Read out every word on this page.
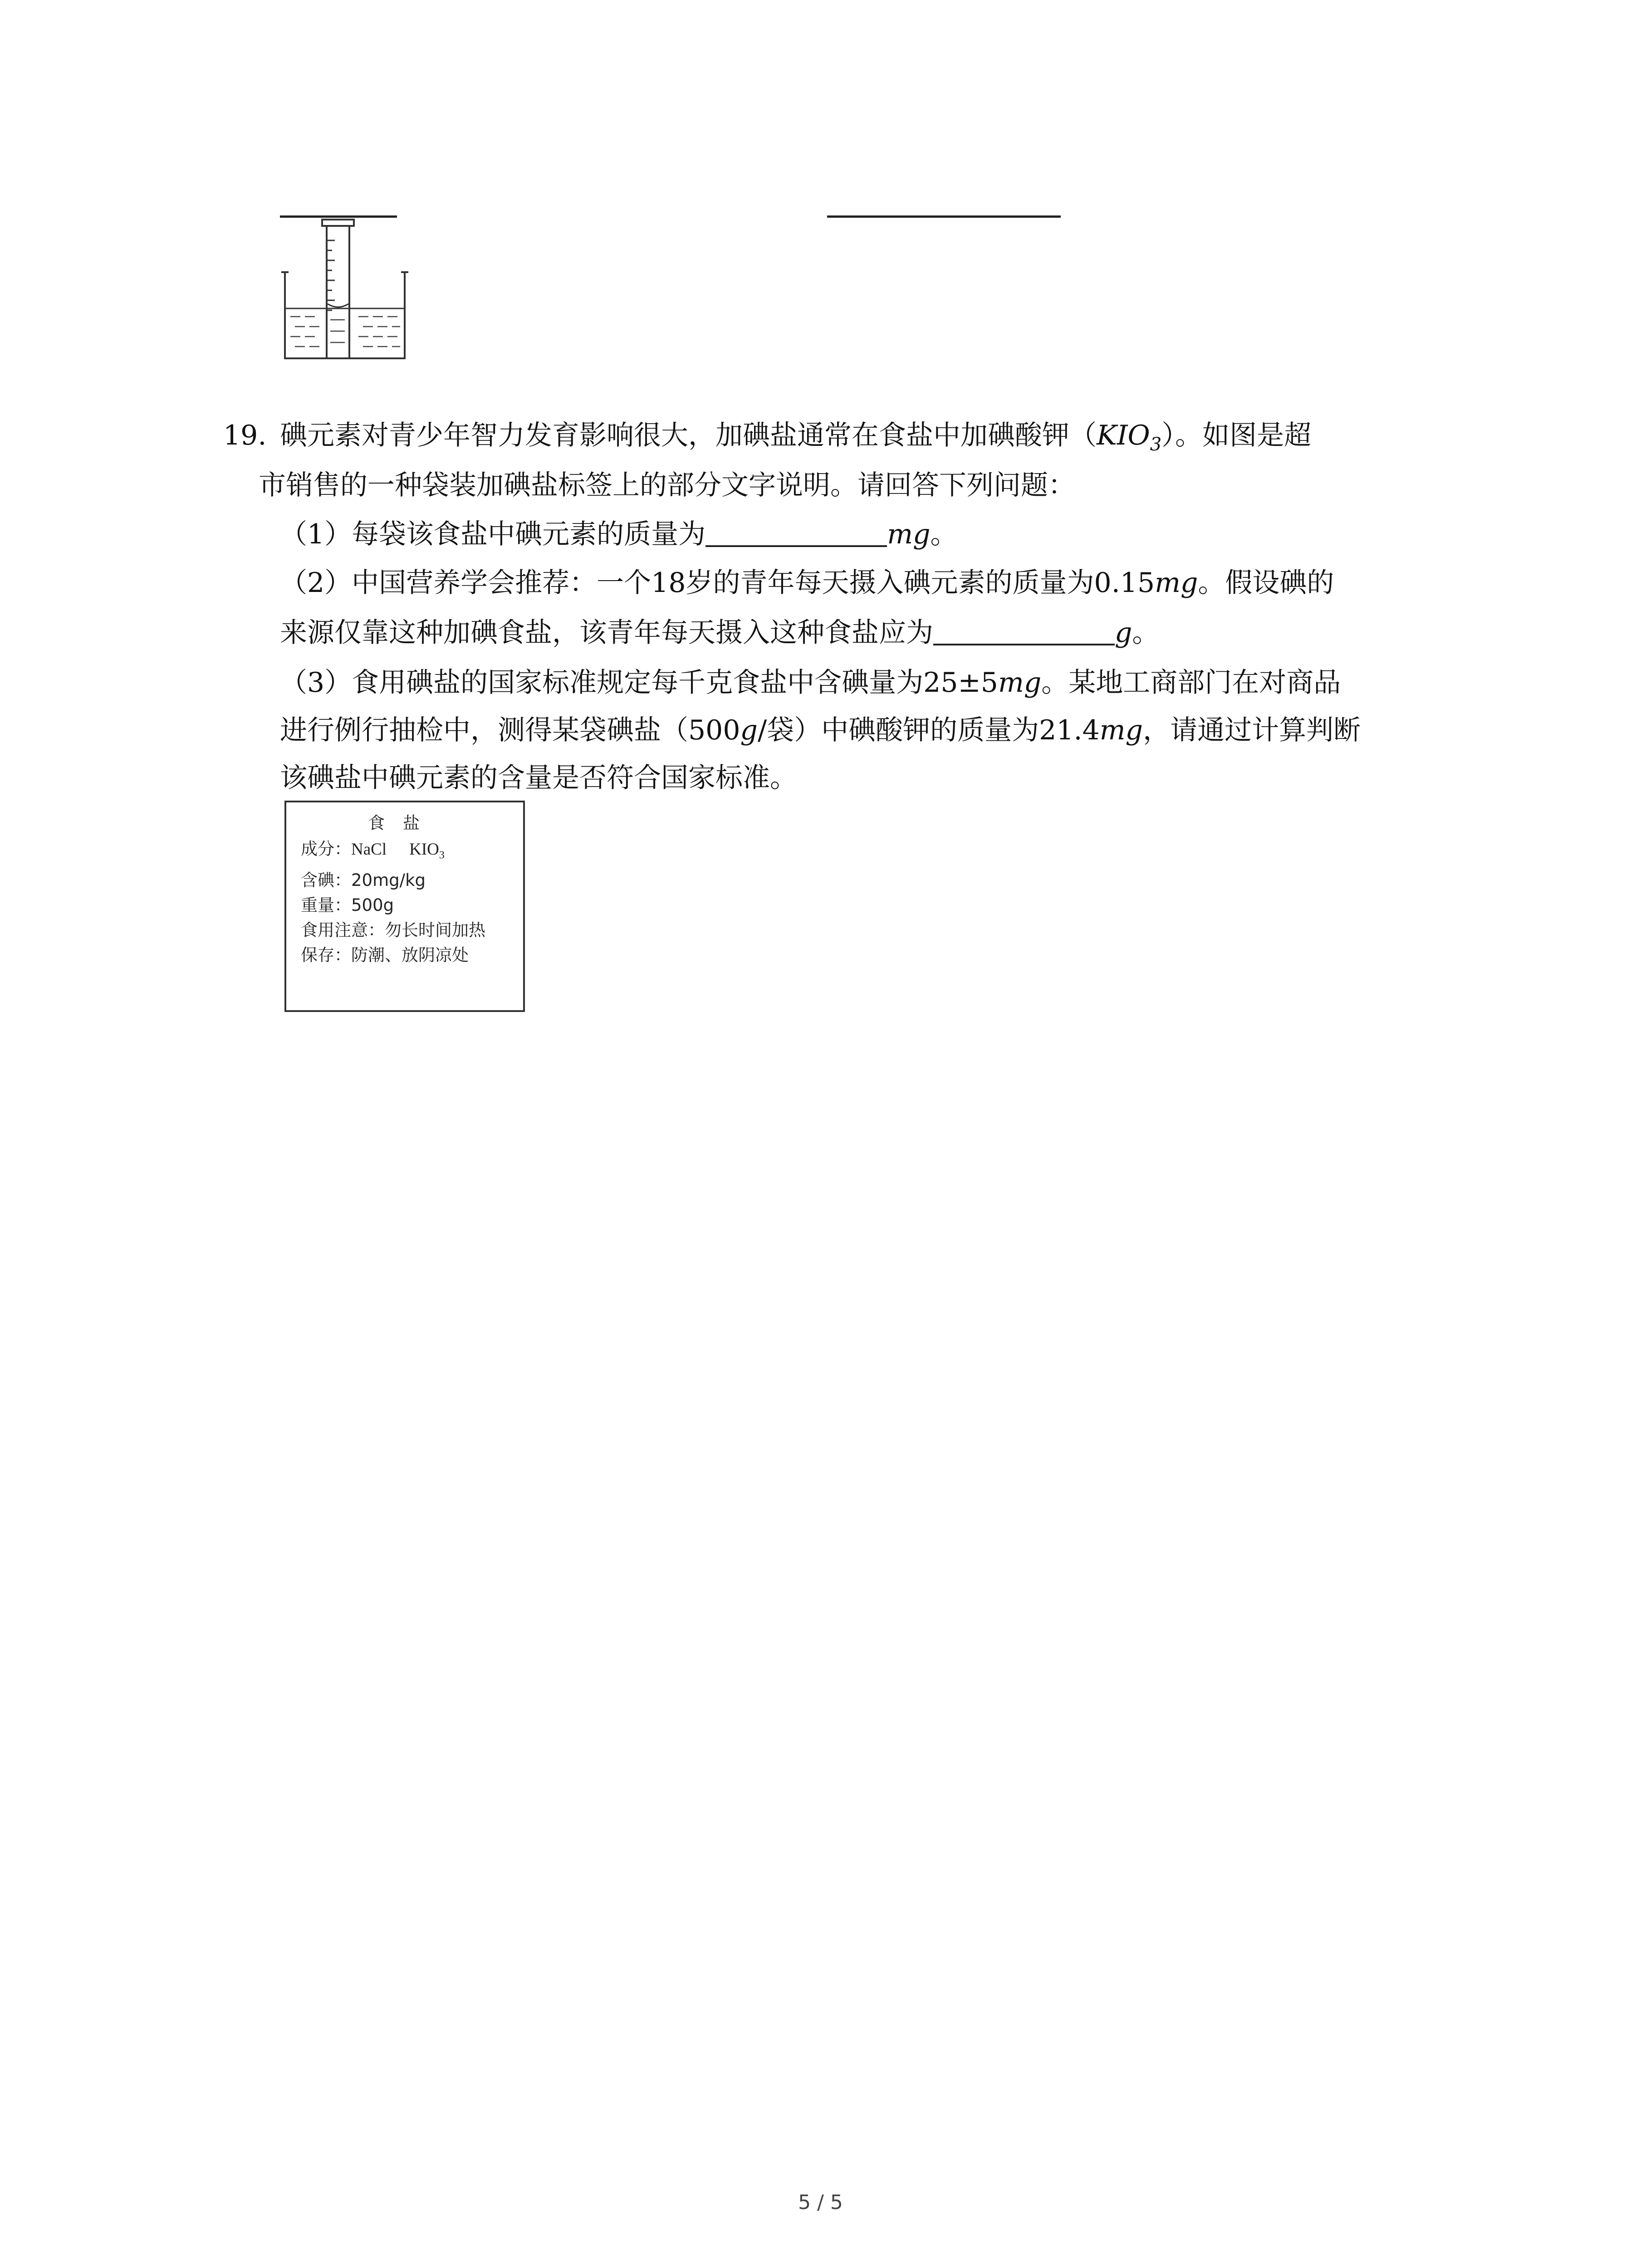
19. 碘元素对青少年智力发育影响很大，加碘盐通常在食盐中加碘酸钾$(KIO_3)$。如图是超
市销售的一种袋装加碘盐标签上的部分文字说明。请回答下列问题：
（1）每袋该食盐中碘元素的质量为	mg。
（2）中国营养学会推荐：一个18岁的青年每天摄入碘元素的质量为0.15mg。假设碘的
来源仅靠这种加碘食盐，该青年每天摄入这种食盐应为	g。
（3）食用碘盐的国家标准规定每千克食盐中含碘量为25±5mg。某地工商部门在对商品
进行例行抽检中，测得某袋碘盐（500g/袋）中碘酸钾的质量为21.4mg，请通过计算判断
该碘盐中碘元素的含量是否符合国家标准。
食盐
成分：NaCl $KIO_3$
含碘：20mg/kg
重量：500g
食用注意：勿长时间加热
保存：防潮、放阴凉处
5 / 5
